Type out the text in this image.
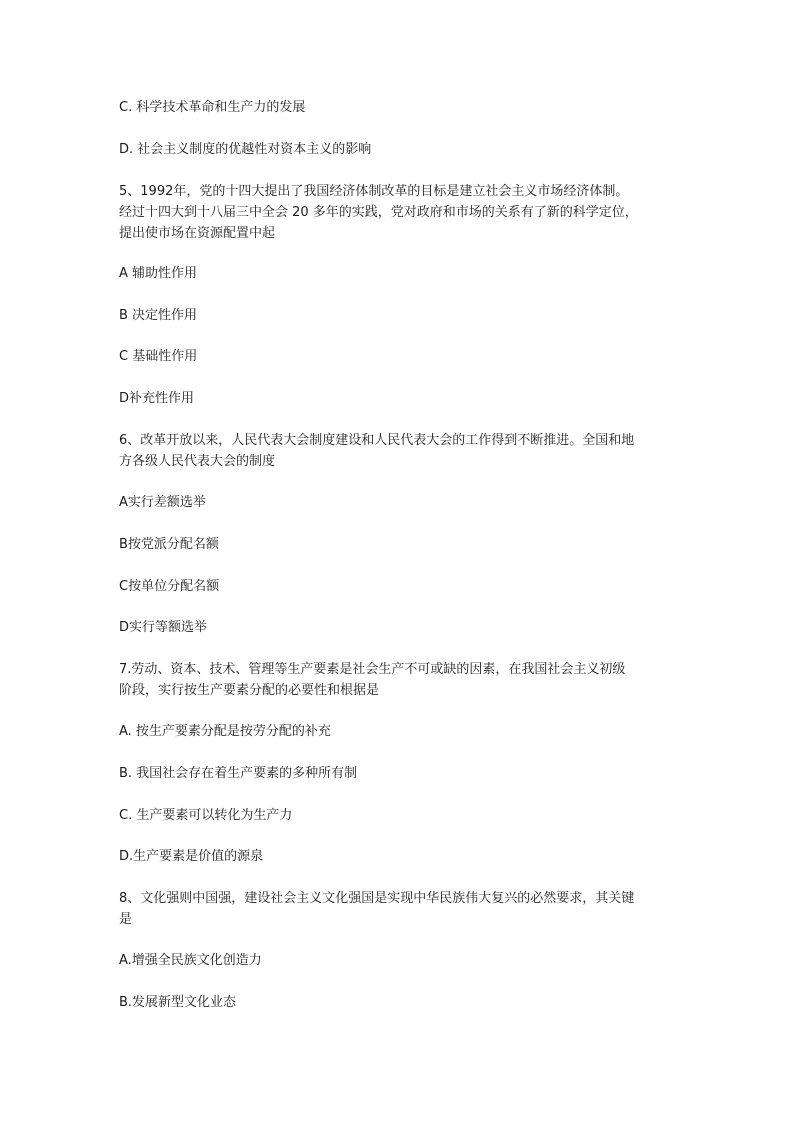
C. 科学技术革命和生产力的发展
D. 社会主义制度的优越性对资本主义的影响
5、1992年，党的十四大提出了我国经济体制改革的目标是建立社会主义市场经济体制。
经过十四大到十八届三中全会 20 多年的实践，党对政府和市场的关系有了新的科学定位，
提出使市场在资源配置中起
A 辅助性作用
B 决定性作用
C 基础性作用
D补充性作用
6、改革开放以来，人民代表大会制度建设和人民代表大会的工作得到不断推进。全国和地
方各级人民代表大会的制度
A实行差额选举
B按党派分配名额
C按单位分配名额
D实行等额选举
7.劳动、资本、技术、管理等生产要素是社会生产不可或缺的因素，在我国社会主义初级
阶段，实行按生产要素分配的必要性和根据是
A. 按生产要素分配是按劳分配的补充
B. 我国社会存在着生产要素的多种所有制
C. 生产要素可以转化为生产力
D.生产要素是价值的源泉
8、文化强则中国强，建设社会主义文化强国是实现中华民族伟大复兴的必然要求，其关键
是
A.增强全民族文化创造力
B.发展新型文化业态
